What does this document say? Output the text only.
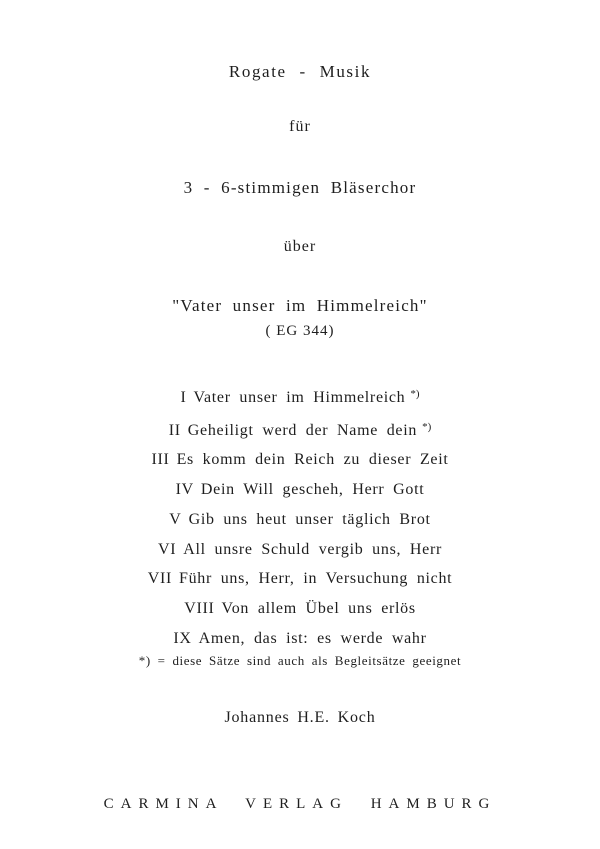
Rogate - Musik
für
3 - 6-stimmigen Bläserchor
über
"Vater unser im Himmelreich"
( EG 344)
I Vater unser im Himmelreich *)
II Geheiligt werd der Name dein *)
III Es komm dein Reich zu dieser Zeit
IV Dein Will gescheh, Herr Gott
V Gib uns heut unser täglich Brot
VI All unsre Schuld vergib uns, Herr
VII Führ uns, Herr, in Versuchung nicht
VIII Von allem Übel uns erlös
IX Amen, das ist: es werde wahr
*) = diese Sätze sind auch als Begleitsätze geeignet
Johannes H.E. Koch
CARMINA VERLAG HAMBURG
